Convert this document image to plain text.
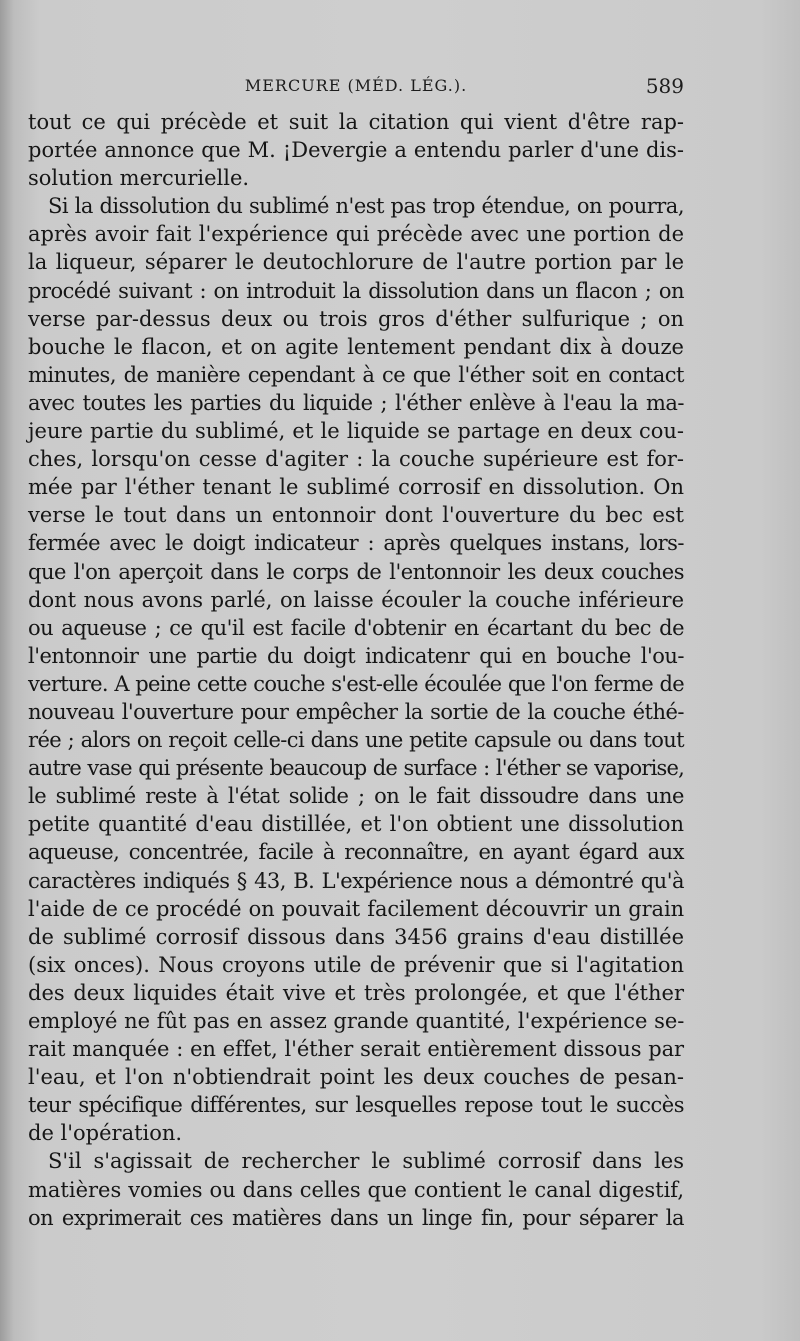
MERCURE (MÉD. LÉG.).	589
tout ce qui précède et suit la citation qui vient d'être rap-
portée annonce que M. ¡Devergie a entendu parler d'une dis-
solution mercurielle.
Si la dissolution du sublimé n'est pas trop étendue, on pourra,
après avoir fait l'expérience qui précède avec une portion de
la liqueur, séparer le deutochlorure de l'autre portion par le
procédé suivant : on introduit la dissolution dans un flacon ; on
verse par-dessus deux ou trois gros d'éther sulfurique ; on
bouche le flacon, et on agite lentement pendant dix à douze
minutes, de manière cependant à ce que l'éther soit en contact
avec toutes les parties du liquide ; l'éther enlève à l'eau la ma-
jeure partie du sublimé, et le liquide se partage en deux cou-
ches, lorsqu'on cesse d'agiter : la couche supérieure est for-
mée par l'éther tenant le sublimé corrosif en dissolution. On
verse le tout dans un entonnoir dont l'ouverture du bec est
fermée avec le doigt indicateur : après quelques instans, lors-
que l'on aperçoit dans le corps de l'entonnoir les deux couches
dont nous avons parlé, on laisse écouler la couche inférieure
ou aqueuse ; ce qu'il est facile d'obtenir en écartant du bec de
l'entonnoir une partie du doigt indicatenr qui en bouche l'ou-
verture. A peine cette couche s'est-elle écoulée que l'on ferme de
nouveau l'ouverture pour empêcher la sortie de la couche éthé-
rée ; alors on reçoit celle-ci dans une petite capsule ou dans tout
autre vase qui présente beaucoup de surface : l'éther se vaporise,
le sublimé reste à l'état solide ; on le fait dissoudre dans une
petite quantité d'eau distillée, et l'on obtient une dissolution
aqueuse, concentrée, facile à reconnaître, en ayant égard aux
caractères indiqués § 43, B. L'expérience nous a démontré qu'à
l'aide de ce procédé on pouvait facilement découvrir un grain
de sublimé corrosif dissous dans 3456 grains d'eau distillée
(six onces). Nous croyons utile de prévenir que si l'agitation
des deux liquides était vive et très prolongée, et que l'éther
employé ne fût pas en assez grande quantité, l'expérience se-
rait manquée : en effet, l'éther serait entièrement dissous par
l'eau, et l'on n'obtiendrait point les deux couches de pesan-
teur spécifique différentes, sur lesquelles repose tout le succès
de l'opération.
S'il s'agissait de rechercher le sublimé corrosif dans les
matières vomies ou dans celles que contient le canal digestif,
on exprimerait ces matières dans un linge fin, pour séparer la
